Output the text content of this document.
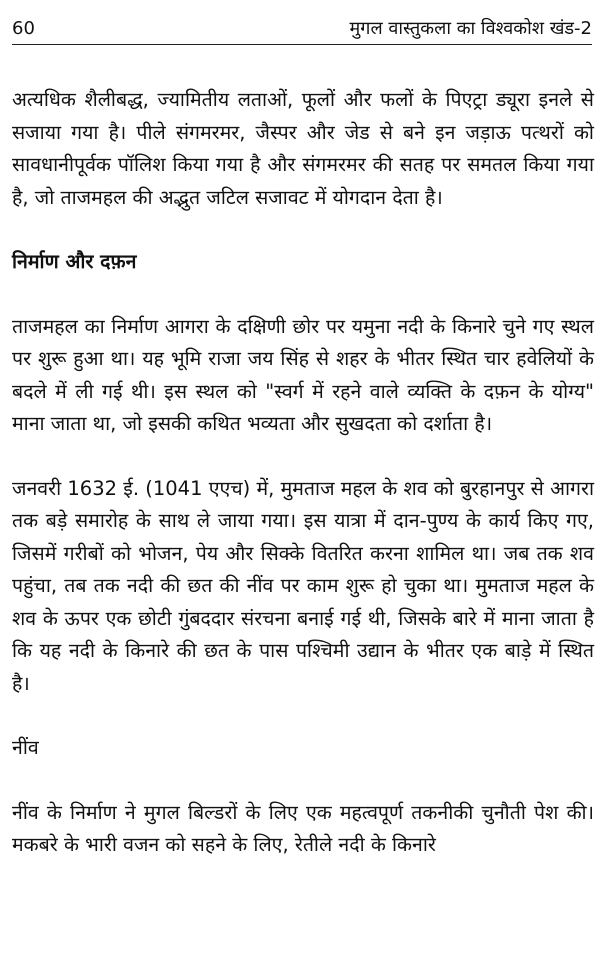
60	मुगल वास्तुकला का विश्वकोश खंड-2

अत्यधिक शैलीबद्ध, ज्यामितीय लताओं, फूलों और फलों के पिएट्रा ड्यूरा इनले से सजाया गया है। पीले संगमरमर, जैस्पर और जेड से बने इन जड़ाऊ पत्थरों को सावधानीपूर्वक पॉलिश किया गया है और संगमरमर की सतह पर समतल किया गया है, जो ताजमहल की अद्भुत जटिल सजावट में योगदान देता है।

निर्माण और दफ़न

ताजमहल का निर्माण आगरा के दक्षिणी छोर पर यमुना नदी के किनारे चुने गए स्थल पर शुरू हुआ था। यह भूमि राजा जय सिंह से शहर के भीतर स्थित चार हवेलियों के बदले में ली गई थी। इस स्थल को "स्वर्ग में रहने वाले व्यक्ति के दफ़न के योग्य" माना जाता था, जो इसकी कथित भव्यता और सुखदता को दर्शाता है।

जनवरी 1632 ई. (1041 एएच) में, मुमताज महल के शव को बुरहानपुर से आगरा तक बड़े समारोह के साथ ले जाया गया। इस यात्रा में दान-पुण्य के कार्य किए गए, जिसमें गरीबों को भोजन, पेय और सिक्के वितरित करना शामिल था। जब तक शव पहुंचा, तब तक नदी की छत की नींव पर काम शुरू हो चुका था। मुमताज महल के शव के ऊपर एक छोटी गुंबददार संरचना बनाई गई थी, जिसके बारे में माना जाता है कि यह नदी के किनारे की छत के पास पश्चिमी उद्यान के भीतर एक बाड़े में स्थित है।

नींव

नींव के निर्माण ने मुगल बिल्डरों के लिए एक महत्वपूर्ण तकनीकी चुनौती पेश की। मकबरे के भारी वजन को सहने के लिए, रेतीले नदी के किनारे
